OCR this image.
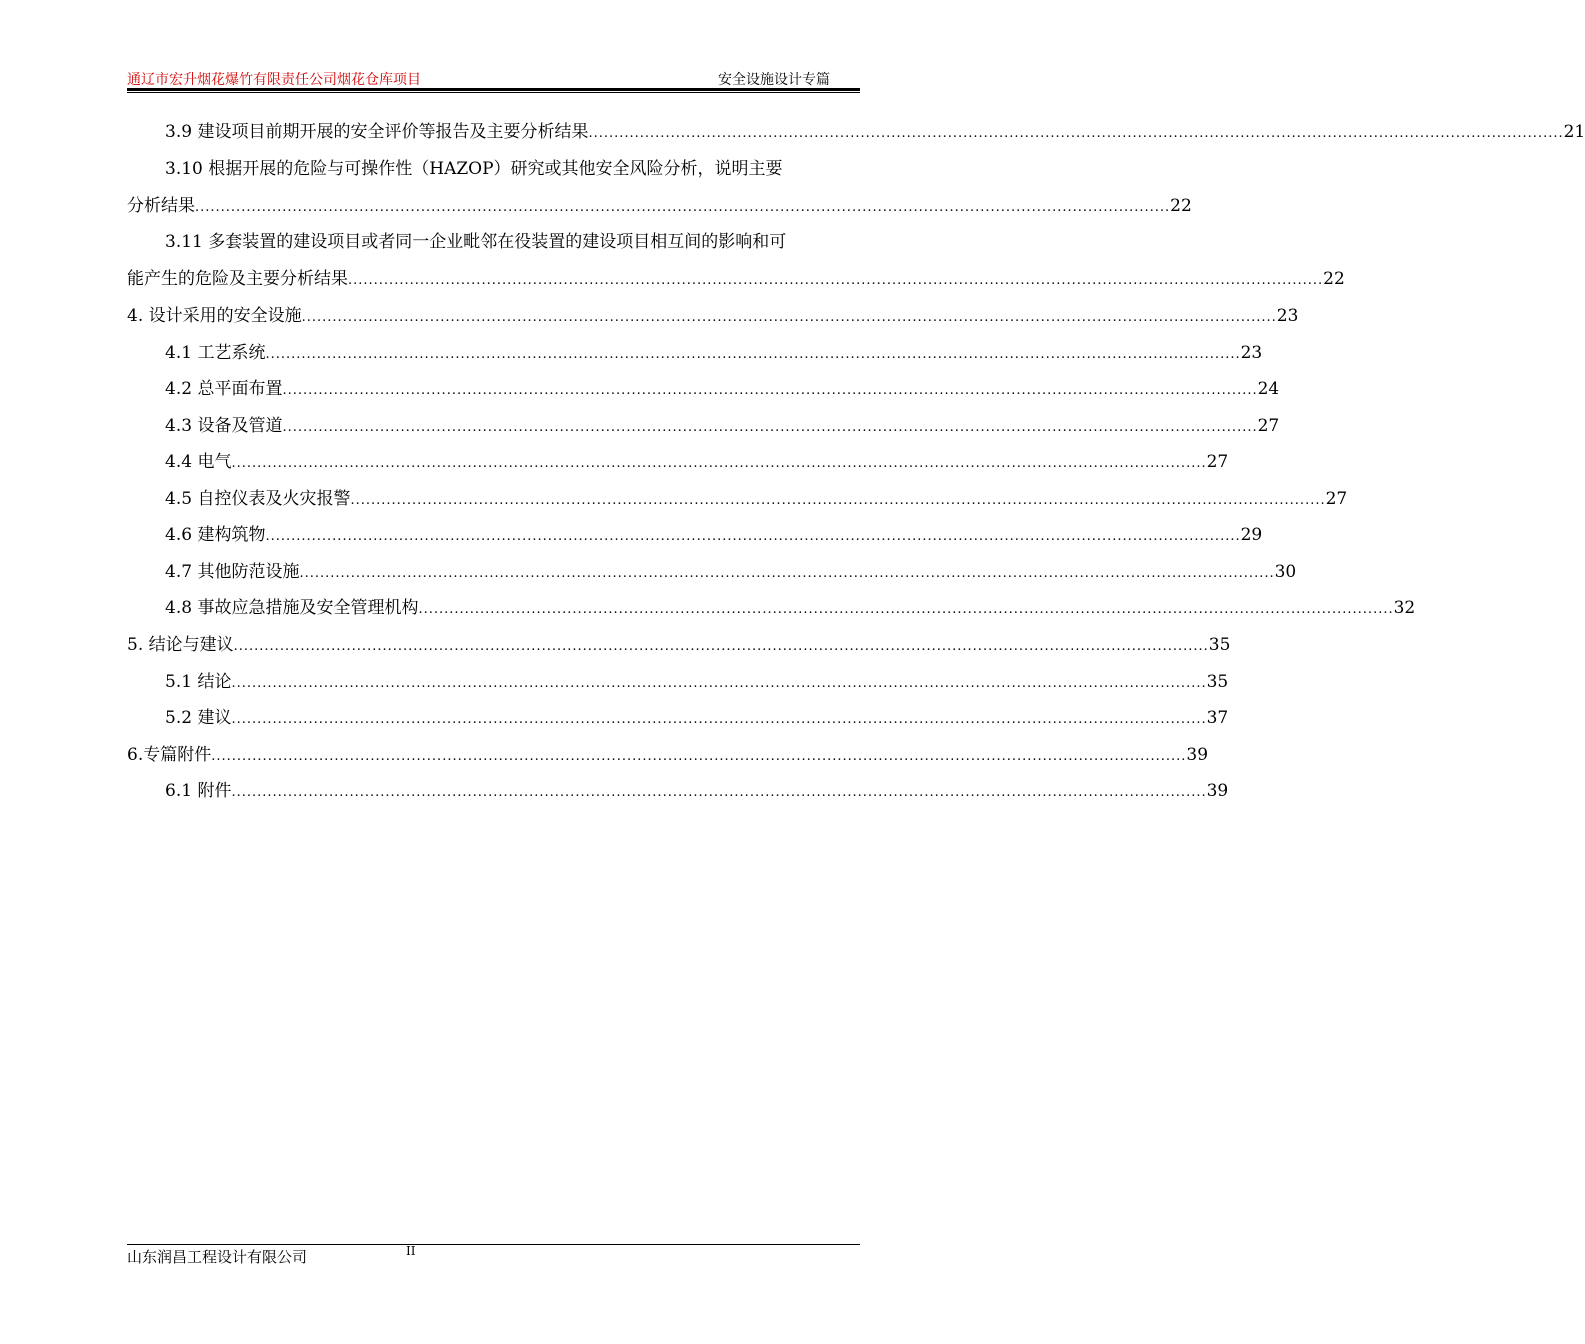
通辽市宏升烟花爆竹有限责任公司烟花仓库项目	安全设施设计专篇
3.9 建设项目前期开展的安全评价等报告及主要分析结果 .............................................................................................................................................................................................. 21
3.10 根据开展的危险与可操作性（HAZOP）研究或其他安全风险分析，说明主要
分析结果 .............................................................................................................................................................................................. 22
3.11 多套装置的建设项目或者同一企业毗邻在役装置的建设项目相互间的影响和可
能产生的危险及主要分析结果 .............................................................................................................................................................................................. 22
4. 设计采用的安全设施 .............................................................................................................................................................................................. 23
4.1 工艺系统 .............................................................................................................................................................................................. 23
4.2 总平面布置 .............................................................................................................................................................................................. 24
4.3 设备及管道 .............................................................................................................................................................................................. 27
4.4 电气 .............................................................................................................................................................................................. 27
4.5 自控仪表及火灾报警 .............................................................................................................................................................................................. 27
4.6 建构筑物 .............................................................................................................................................................................................. 29
4.7 其他防范设施 .............................................................................................................................................................................................. 30
4.8 事故应急措施及安全管理机构 .............................................................................................................................................................................................. 32
5. 结论与建议 .............................................................................................................................................................................................. 35
5.1 结论 .............................................................................................................................................................................................. 35
5.2 建议 .............................................................................................................................................................................................. 37
6.专篇附件 .............................................................................................................................................................................................. 39
6.1 附件 .............................................................................................................................................................................................. 39
山东润昌工程设计有限公司	II
